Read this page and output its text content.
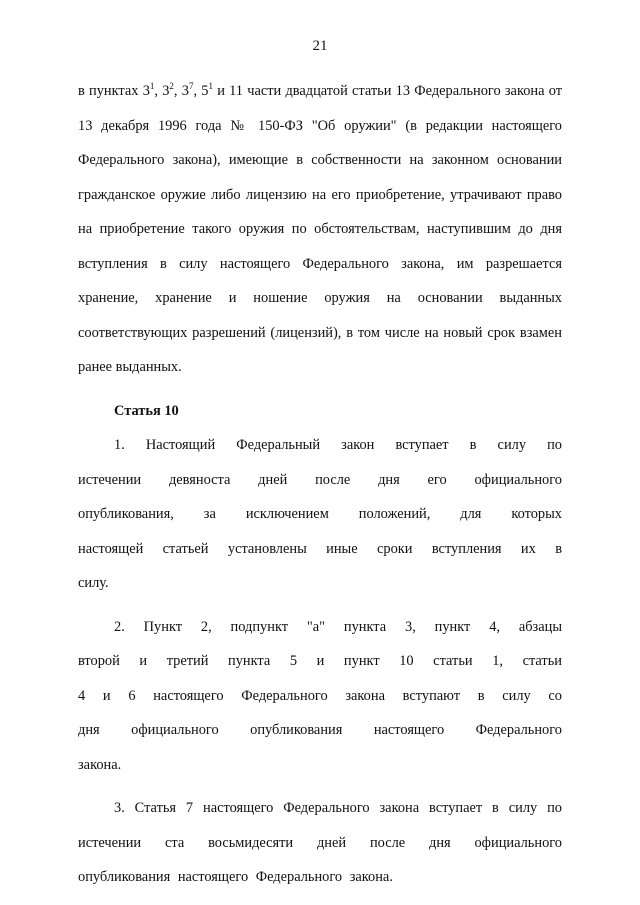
21

в пунктах $3^1$, $3^2$, $3^7$, $5^1$ и 11 части двадцатой статьи 13 Федерального закона от 13 декабря 1996 года № 150-ФЗ "Об оружии" (в редакции настоящего Федерального закона), имеющие в собственности на законном основании гражданское оружие либо лицензию на его приобретение, утрачивают право на приобретение такого оружия по обстоятельствам, наступившим до дня вступления в силу настоящего Федерального закона, им разрешается хранение, хранение и ношение оружия на основании выданных соответствующих разрешений (лицензий), в том числе на новый срок взамен ранее выданных.

Статья 10

1. Настоящий Федеральный закон вступает в силу по истечении девяноста дней после дня его официального опубликования, за исключением положений, для которых настоящей статьей установлены иные сроки вступления их в силу.

2. Пункт 2, подпункт "а" пункта 3, пункт 4, абзацы второй и третий пункта 5 и пункт 10 статьи 1, статьи 4 и 6 настоящего Федерального закона вступают в силу со дня официального опубликования настоящего Федерального закона.

3. Статья 7 настоящего Федерального закона вступает в силу по истечении ста восьмидесяти дней после дня официального опубликования настоящего Федерального закона.
